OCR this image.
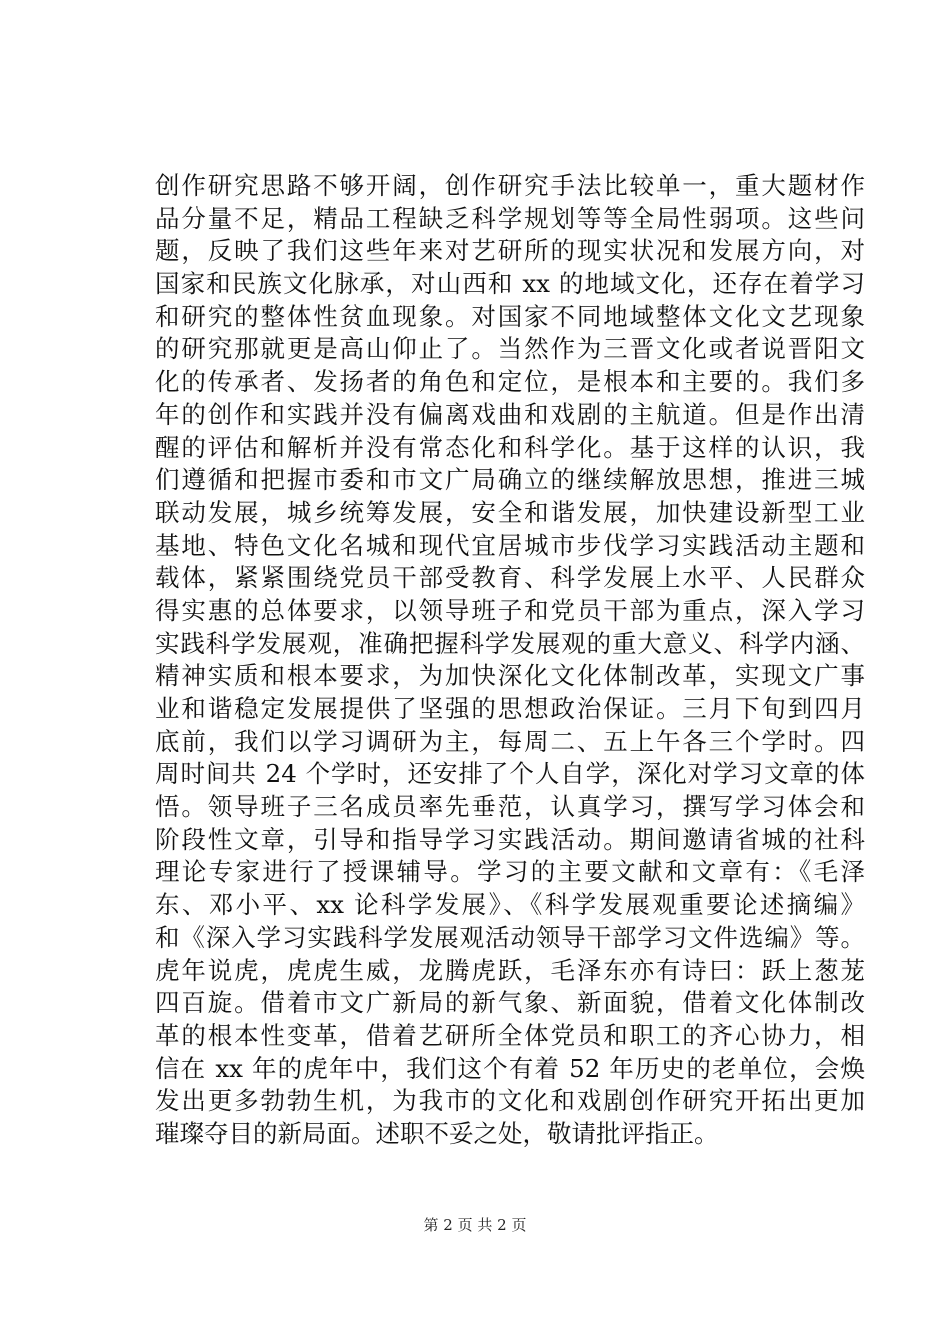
创作研究思路不够开阔，创作研究手法比较单一，重大题材作
品分量不足，精品工程缺乏科学规划等等全局性弱项。这些问
题，反映了我们这些年来对艺研所的现实状况和发展方向，对
国家和民族文化脉承，对山西和 xx 的地域文化，还存在着学习
和研究的整体性贫血现象。对国家不同地域整体文化文艺现象
的研究那就更是高山仰止了。当然作为三晋文化或者说晋阳文
化的传承者、发扬者的角色和定位，是根本和主要的。我们多
年的创作和实践并没有偏离戏曲和戏剧的主航道。但是作出清
醒的评估和解析并没有常态化和科学化。基于这样的认识，我
们遵循和把握市委和市文广局确立的继续解放思想，推进三城
联动发展，城乡统筹发展，安全和谐发展，加快建设新型工业
基地、特色文化名城和现代宜居城市步伐学习实践活动主题和
载体，紧紧围绕党员干部受教育、科学发展上水平、人民群众
得实惠的总体要求，以领导班子和党员干部为重点，深入学习
实践科学发展观，准确把握科学发展观的重大意义、科学内涵、
精神实质和根本要求，为加快深化文化体制改革，实现文广事
业和谐稳定发展提供了坚强的思想政治保证。三月下旬到四月
底前，我们以学习调研为主，每周二、五上午各三个学时。四
周时间共 24 个学时，还安排了个人自学，深化对学习文章的体
悟。领导班子三名成员率先垂范，认真学习，撰写学习体会和
阶段性文章，引导和指导学习实践活动。期间邀请省城的社科
理论专家进行了授课辅导。学习的主要文献和文章有：《毛泽
东、邓小平、xx 论科学发展》、《科学发展观重要论述摘编》
和《深入学习实践科学发展观活动领导干部学习文件选编》等。
虎年说虎，虎虎生威，龙腾虎跃，毛泽东亦有诗曰：跃上葱茏
四百旋。借着市文广新局的新气象、新面貌，借着文化体制改
革的根本性变革，借着艺研所全体党员和职工的齐心协力，相
信在 xx 年的虎年中，我们这个有着 52 年历史的老单位，会焕
发出更多勃勃生机，为我市的文化和戏剧创作研究开拓出更加
璀璨夺目的新局面。述职不妥之处，敬请批评指正。
第 2 页 共 2 页
